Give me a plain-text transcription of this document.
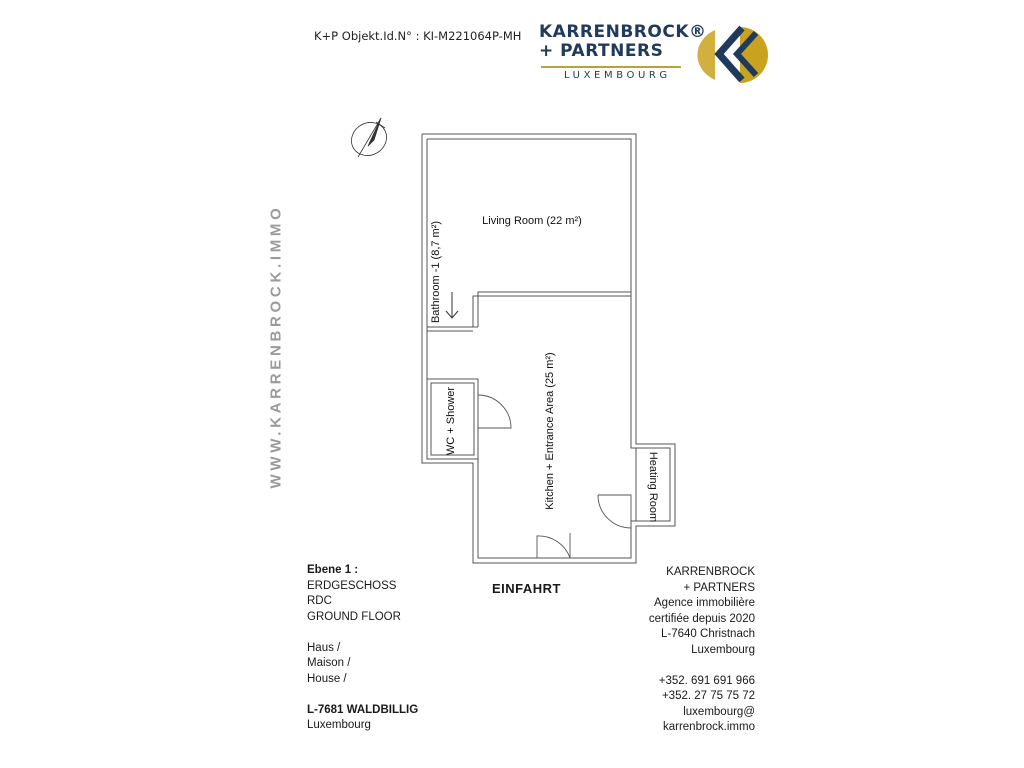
K+P Objekt.Id.N° : KI-M221064P-MH KARRENBROCK®
+ PARTNERS
LUXEMBOURG
WWW.KARRENBROCK.IMMO	Living Room (22 m²)
Bathroom -1 (8,7 m²)
WC + Shower	Kitchen + Entrance Area (25 m²)	Heating Room
EINFAHRT
Ebene 1 :
ERDGESCHOSS
RDC
GROUND FLOOR
Haus /
Maison /
House /
L-7681 WALDBILLIG
Luxembourg
KARRENBROCK
+ PARTNERS
Agence immobilière
certifiée depuis 2020
L-7640 Christnach
Luxembourg
+352. 691 691 966
+352. 27 75 75 72
luxembourg@
karrenbrock.immo
